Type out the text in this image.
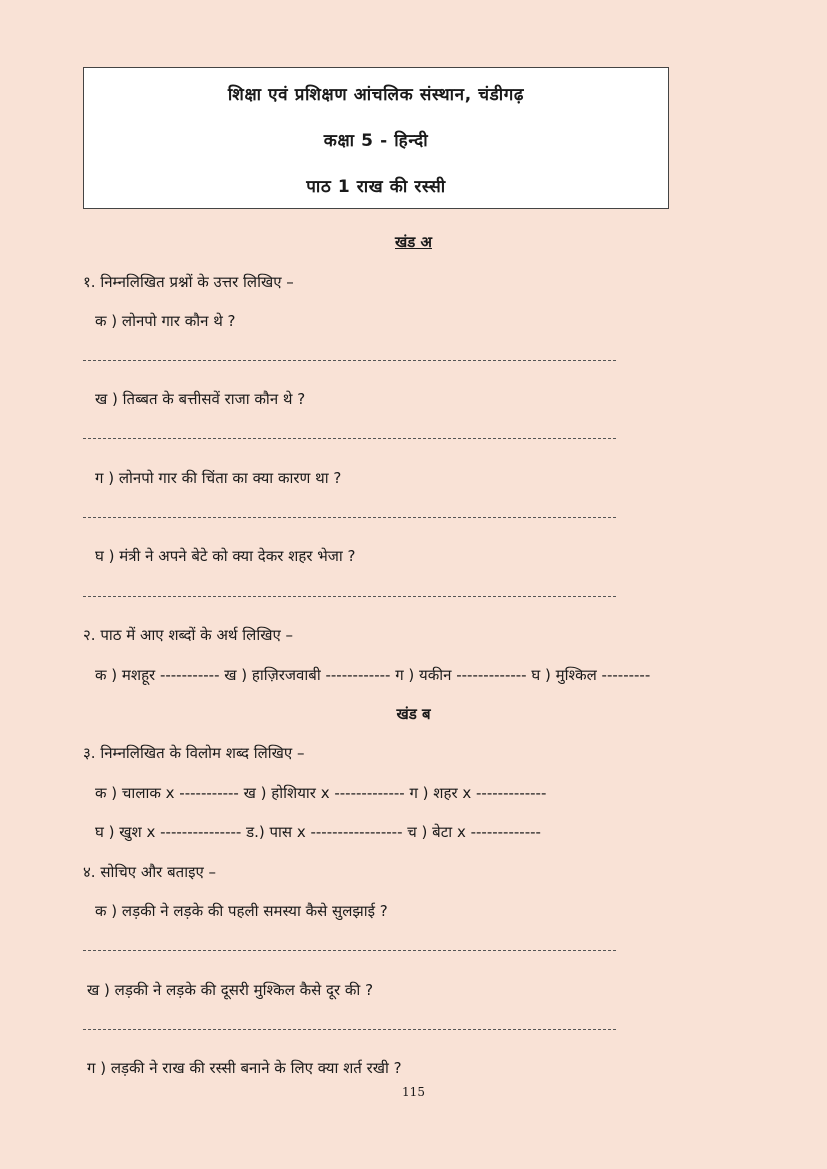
शिक्षा एवं प्रशिक्षण आंचलिक संस्थान, चंडीगढ़
कक्षा 5 - हिन्दी
पाठ 1 राख की रस्सी
खंड अ
१. निम्नलिखित प्रश्नों के उत्तर लिखिए –
क ) लोनपो गार कौन थे ?
ख ) तिब्बत के बत्तीसवें राजा कौन थे ?
ग ) लोनपो गार की चिंता का क्या कारण था ?
घ ) मंत्री ने अपने बेटे को क्या देकर शहर भेजा ?
२. पाठ में आए शब्दों के अर्थ लिखिए –
क ) मशहूर ----------- ख ) हाज़िरजवाबी ------------ ग ) यकीन ------------- घ ) मुश्किल ---------
खंड ब
३. निम्नलिखित के विलोम शब्द लिखिए –
क ) चालाक x ----------- ख ) होशियार x ------------- ग ) शहर x -------------
घ ) खुश x --------------- ड.) पास x ----------------- च ) बेटा x -------------
४. सोचिए और बताइए –
क ) लड़की ने लड़के की पहली समस्या कैसे सुलझाई ?
ख ) लड़की ने लड़के की दूसरी मुश्किल कैसे दूर की ?
ग ) लड़की ने राख की रस्सी बनाने के लिए क्या शर्त रखी ?
115
